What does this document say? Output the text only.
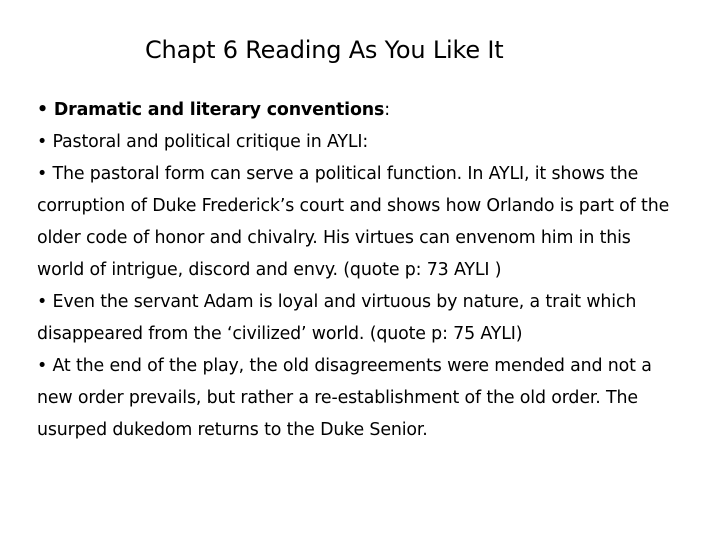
Chapt 6 Reading As You Like It

• Dramatic and literary conventions:

• Pastoral and political critique in AYLI:

• The pastoral form can serve a political function. In AYLI, it shows the corruption of Duke Frederick’s court and shows how Orlando is part of the older code of honor and chivalry. His virtues can envenom him in this world of intrigue, discord and envy. (quote p: 73 AYLI )

• Even the servant Adam is loyal and virtuous by nature, a trait which disappeared from the ‘civilized’ world. (quote p: 75 AYLI)

• At the end of the play, the old disagreements were mended and not a new order prevails, but rather a re-establishment of the old order. The usurped dukedom returns to the Duke Senior.
